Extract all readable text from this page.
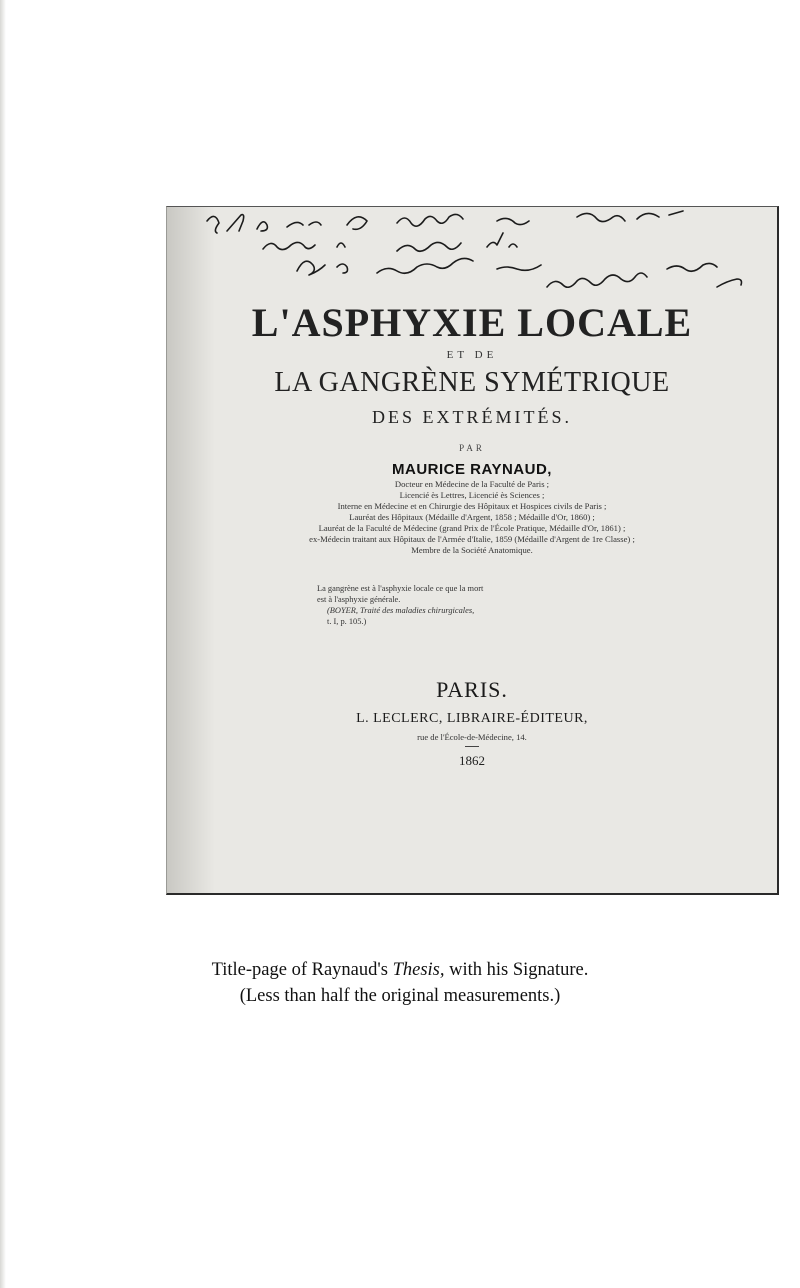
L'ASPHYXIE LOCALE
ET DE
LA GANGRÈNE SYMÉTRIQUE
DES EXTRÉMITÉS.
PAR
MAURICE RAYNAUD,
Docteur en Médecine de la Faculté de Paris ;
Licencié ès Lettres, Licencié ès Sciences ;
Interne en Médecine et en Chirurgie des Hôpitaux et Hospices civils de Paris ;
Lauréat des Hôpitaux (Médaille d'Argent, 1858 ; Médaille d'Or, 1860) ;
Lauréat de la Faculté de Médecine (grand Prix de l'École Pratique, Médaille d'Or, 1861) ;
ex-Médecin traitant aux Hôpitaux de l'Armée d'Italie, 1859 (Médaille d'Argent de 1re Classe) ;
Membre de la Société Anatomique.
La gangrène est à l'asphyxie locale ce que la mort
est à l'asphyxie générale.
(BOYER, Traité des maladies chirurgicales,
t. I, p. 105.)
PARIS.
L. LECLERC, LIBRAIRE-ÉDITEUR,
rue de l'École-de-Médecine, 14.
1862
Title-page of Raynaud's Thesis, with his Signature.
(Less than half the original measurements.)
